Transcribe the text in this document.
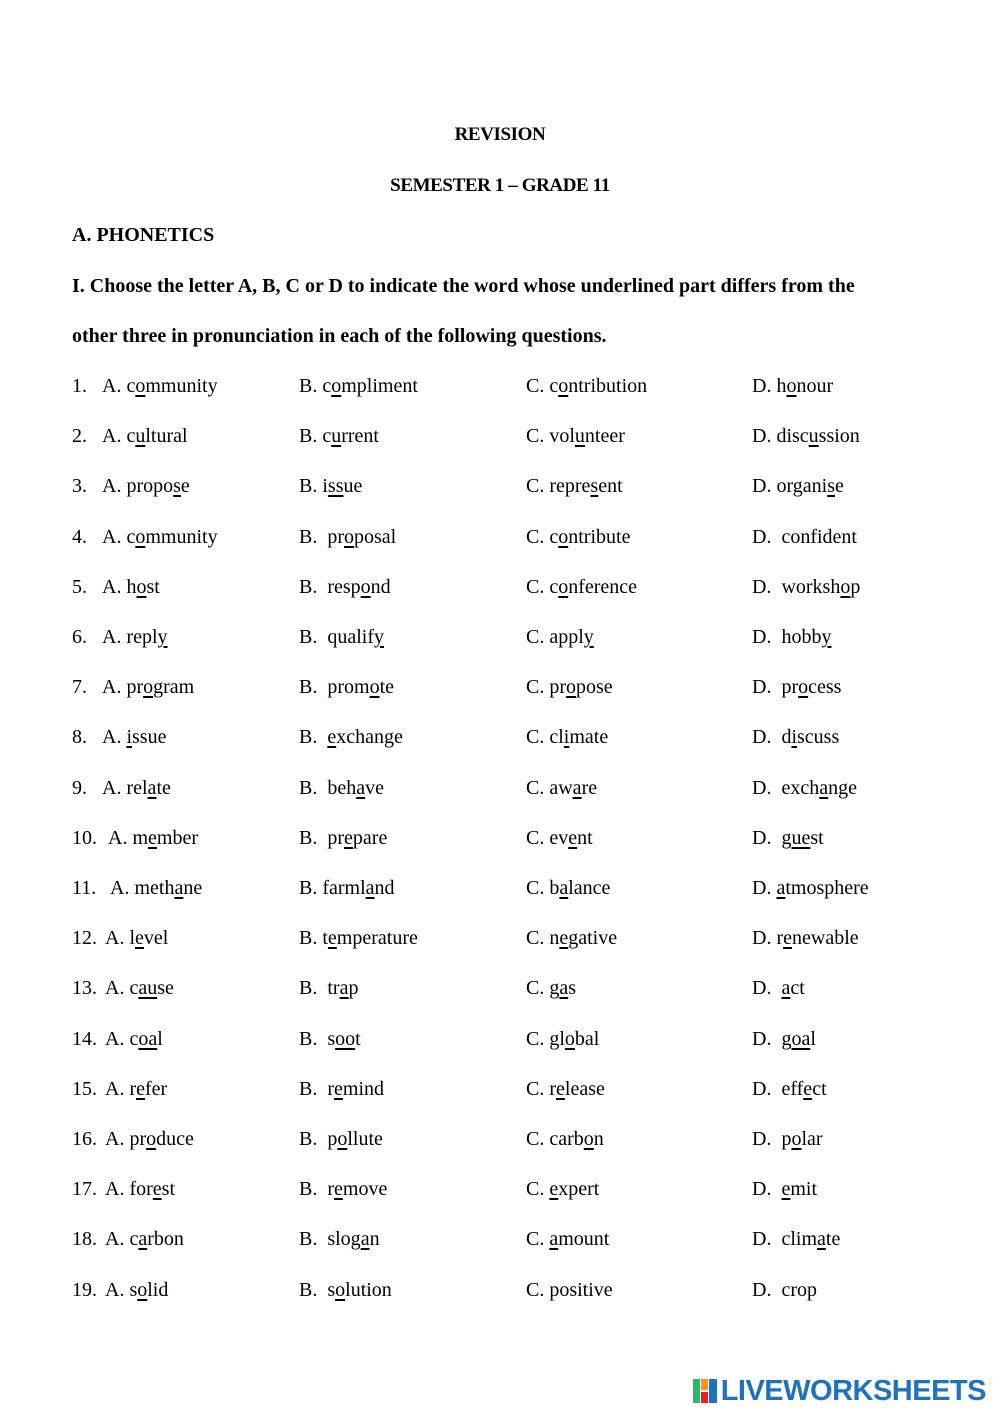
REVISION
SEMESTER 1 – GRADE 11
A. PHONETICS
I. Choose the letter A, B, C or D to indicate the word whose underlined part differs from the
other three in pronunciation in each of the following questions.
1. A. community	B. compliment	C. contribution	D. honour
2. A. cultural	B. current	C. volunteer	D. discussion
3. A. propose	B. issue	C. represent	D. organise
4. A. community	B.  proposal	C. contribute	D.  confident
5. A. host	B.  respond	C. conference	D.  workshop
6. A. reply	B.  qualify	C. apply	D.  hobby
7. A. program	B.  promote	C. propose	D.  process
8. A. issue	B.  exchange	C. climate	D.  discuss
9. A. relate	B.  behave	C. aware	D.  exchange
10. A. member	B.  prepare	C. event	D.  guest
11. A. methane	B. farmland	C. balance	D. atmosphere
12. A. level	B. temperature	C. negative	D. renewable
13. A. cause	B.  trap	C. gas	D.  act
14. A. coal	B.  soot	C. global	D.  goal
15. A. refer	B.  remind	C. release	D.  effect
16. A. produce	B.  pollute	C. carbon	D.  polar
17. A. forest	B.  remove	C. expert	D.  emit
18. A. carbon	B.  slogan	C. amount	D.  climate
19. A. solid	B.  solution	C. positive	D.  crop
LIVEWORKSHEETS
